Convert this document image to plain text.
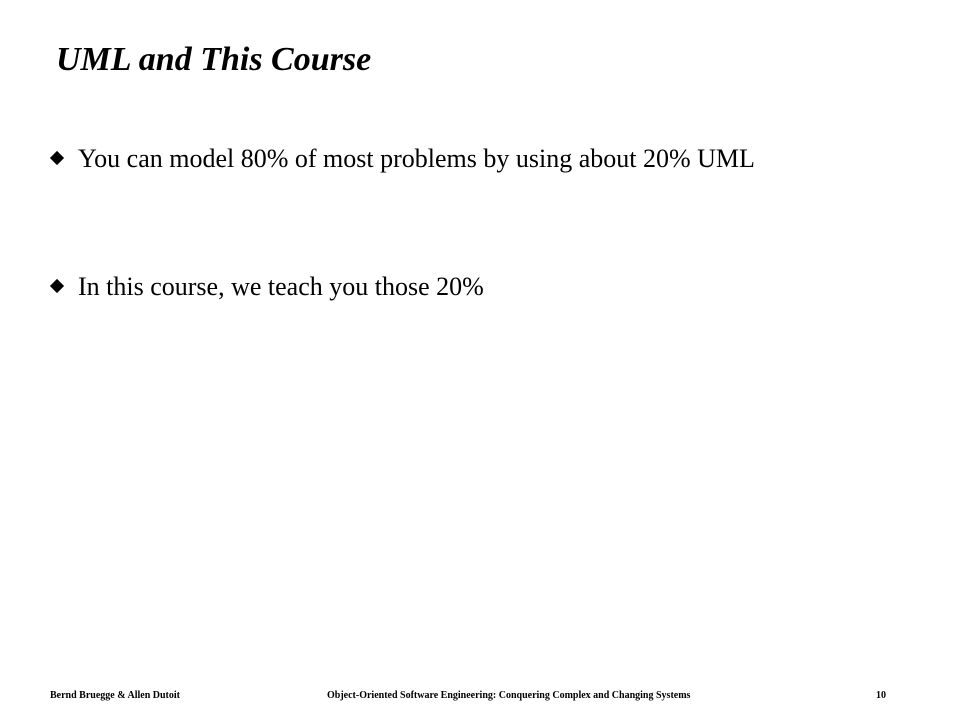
UML and This Course
You can model 80% of most problems by using about 20% UML
In this course, we teach you those 20%
Bernd Bruegge & Allen Dutoit	Object-Oriented Software Engineering: Conquering Complex and Changing Systems	10
